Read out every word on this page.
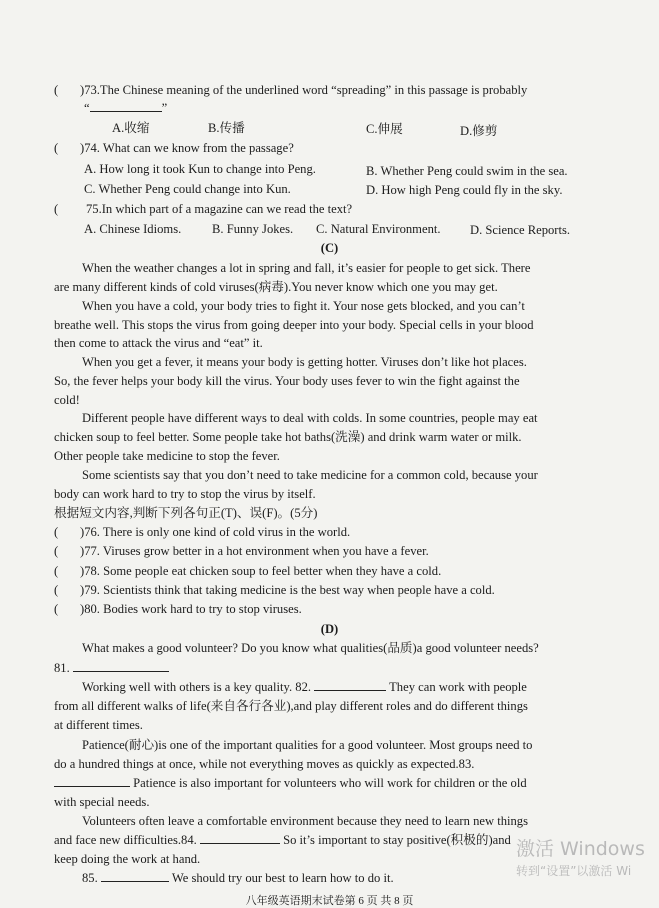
( )73.The Chinese meaning of the underlined word “spreading” in this passage is probably
“	”
A.收缩	B.传播	C.伸展	D.修剪
( )74. What can we know from the passage?
A. How long it took Kun to change into Peng.	B. Whether Peng could swim in the sea.
C. Whether Peng could change into Kun.	D. How high Peng could fly in the sky.
( 75.In which part of a magazine can we read the text?
A. Chinese Idioms. B. Funny Jokes. C. Natural Environment. D. Science Reports.
(C)
When the weather changes a lot in spring and fall, it’s easier for people to get sick. There
are many different kinds of cold viruses(病毒).You never know which one you may get.
When you have a cold, your body tries to fight it. Your nose gets blocked, and you can’t
breathe well. This stops the virus from going deeper into your body. Special cells in your blood
then come to attack the virus and “eat” it.
When you get a fever, it means your body is getting hotter. Viruses don’t like hot places.
So, the fever helps your body kill the virus. Your body uses fever to win the fight against the
cold!
Different people have different ways to deal with colds. In some countries, people may eat
chicken soup to feel better. Some people take hot baths(洗澡) and drink warm water or milk.
Other people take medicine to stop the fever.
Some scientists say that you don’t need to take medicine for a common cold, because your
body can work hard to try to stop the virus by itself.
根据短文内容,判断下列各句正(T)、误(F)。(5分)
( )76. There is only one kind of cold virus in the world.
( )77. Viruses grow better in a hot environment when you have a fever.
( )78. Some people eat chicken soup to feel better when they have a cold.
( )79. Scientists think that taking medicine is the best way when people have a cold.
( )80. Bodies work hard to try to stop viruses.
(D)
What makes a good volunteer? Do you know what qualities(品质)a good volunteer needs?
81.
Working well with others is a key quality. 82.	They can work with people
from all different walks of life(来自各行各业),and play different roles and do different things
at different times.
Patience(耐心)is one of the important qualities for a good volunteer. Most groups need to
do a hundred things at once, while not everything moves as quickly as expected.83.
Patience is also important for volunteers who will work for children or the old
with special needs.
Volunteers often leave a comfortable environment because they need to learn new things
and face new difficulties.84.	So it’s important to stay positive(积极的)and
keep doing the work at hand.
85.	We should try our best to learn how to do it.
八年级英语期末试卷第 6 页 共 8 页
激活 Windows
转到“设置”以激活 Wi
